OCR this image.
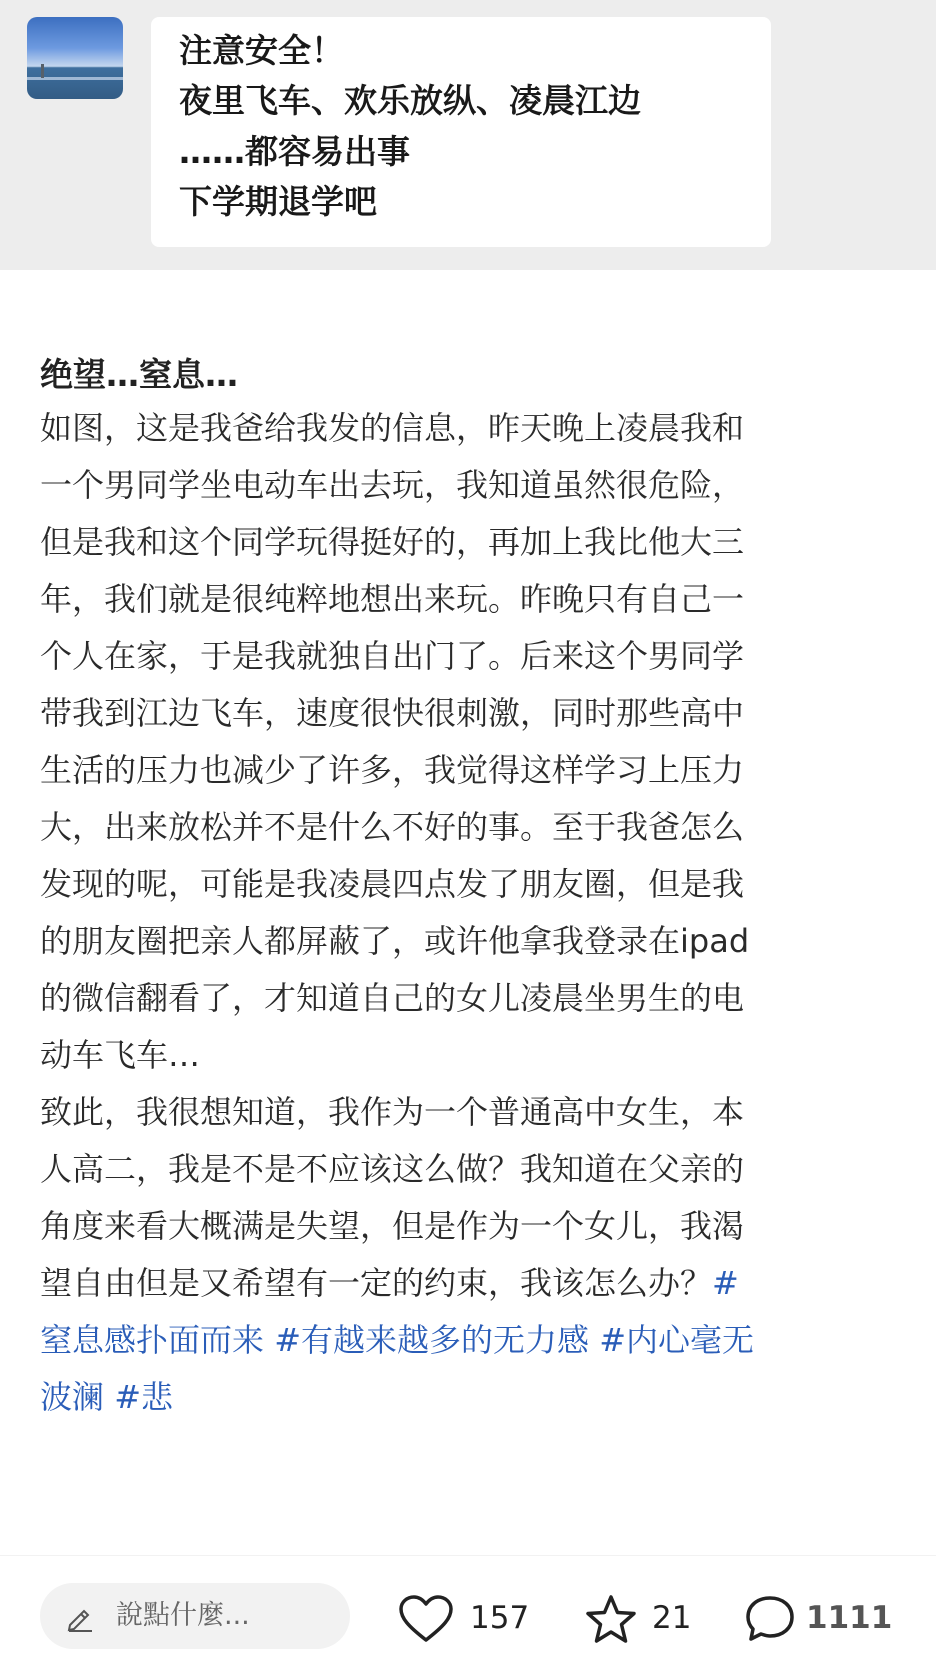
注意安全！
夜里飞车、欢乐放纵、凌晨江边
……都容易出事
下学期退学吧
绝望…窒息…
如图，这是我爸给我发的信息，昨天晚上凌晨我和
一个男同学坐电动车出去玩，我知道虽然很危险，
但是我和这个同学玩得挺好的，再加上我比他大三
年，我们就是很纯粹地想出来玩。昨晚只有自己一
个人在家，于是我就独自出门了。后来这个男同学
带我到江边飞车，速度很快很刺激，同时那些高中
生活的压力也减少了许多，我觉得这样学习上压力
大，出来放松并不是什么不好的事。至于我爸怎么
发现的呢，可能是我凌晨四点发了朋友圈，但是我
的朋友圈把亲人都屏蔽了，或许他拿我登录在ipad
的微信翻看了，才知道自己的女儿凌晨坐男生的电
动车飞车…
致此，我很想知道，我作为一个普通高中女生，本
人高二，我是不是不应该这么做？我知道在父亲的
角度来看大概满是失望，但是作为一个女儿，我渴
望自由但是又希望有一定的约束，我该怎么办？#
窒息感扑面而来 #有越来越多的无力感 #内心毫无
波澜 #悲
說點什麼...	157	21	1111
